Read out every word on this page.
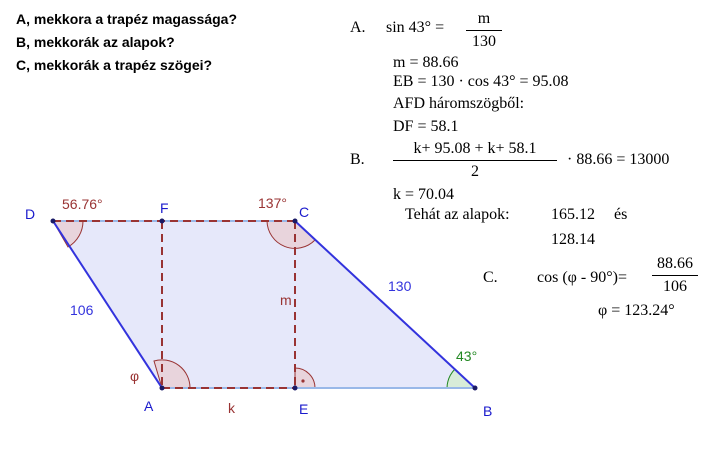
A, mekkora a trapéz magassága?
B, mekkorák az alapok?
C, mekkorák a trapéz szögei?
A. sin 43° =
m
130
m = 88.66
EB = 130 · cos 43° = 95.08
AFD háromszögből:
DF = 58.1
B.
k+ 95.08 + k+ 58.1
2
· 88.66 = 13000
k = 70.04
Tehát az alapok:	165.12 és
128.14
C. cos (φ - 90°)=
88.66
106
φ = 123.24°
D	F	C
A	E	B
106
130
m
k
56.76°	137°
43°
φ
